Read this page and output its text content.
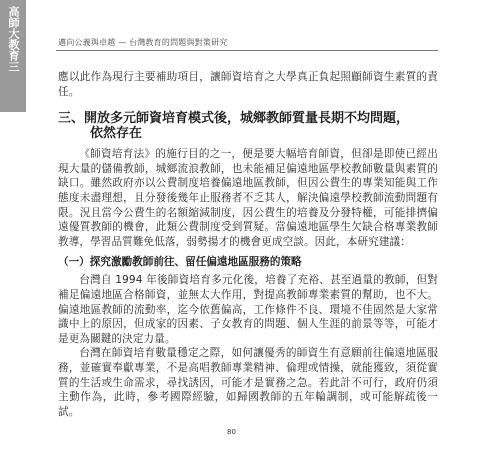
高師大教育三	邁向公義與卓越 — 台灣教育的問題與對策研究

應以此作為現行主要補助項目，讓師資培育之大學真正負起照顧師資生素質的責任。

三、開放多元師資培育模式後，城鄉教師質量長期不均問題，
依然存在

《師資培育法》的施行目的之一，便是要大幅培育師資，但卻是即使已經出現大量的儲備教師，城鄉流浪教師，也未能補足偏遠地區學校教師數量與素質的缺口。雖然政府亦以公費制度培養偏遠地區教師，但因公費生的專業知能與工作態度未盡理想，且分發後幾年止服務者不乏其人，解決偏遠學校教師流動問題有限。況且當今公費生的名額縮減制度，因公費生的培養及分發特權，可能排擠偏遠優質教師的機會，此類公費制度受到質疑。當偏遠地區學生欠缺合格專業教師教導，學習品質難免低落，弱勢揚才的機會更成空談。因此，本研究建議：

（一）探究激勵教師前往、留任偏遠地區服務的策略

台灣自 1994 年後師資培育多元化後，培養了充裕、甚至過量的教師，但對補足偏遠地區合格師資，並無太大作用，對提高教師專業素質的幫助，也不大。偏遠地區教師的流動率，迄今依舊偏高，工作條件不良、環境不佳固然是大家常識中上的原因，但成家的因素、子女教育的問題、個人生涯的前景等等，可能才是更為關鍵的決定力量。

台灣在師資培育數量穩定之際，如何讓優秀的師資生有意願前往偏遠地區服務，並確實奉獻專業，不是高唱教師專業精神、倫理或情操，就能獲致，須從實質的生活或生命需求，尋找誘因，可能才是實務之急。若此計不可行，政府仍須主動作為，此時，參考國際經驗，如歸國教師的五年輪調制，或可能解疏後一試。

80
